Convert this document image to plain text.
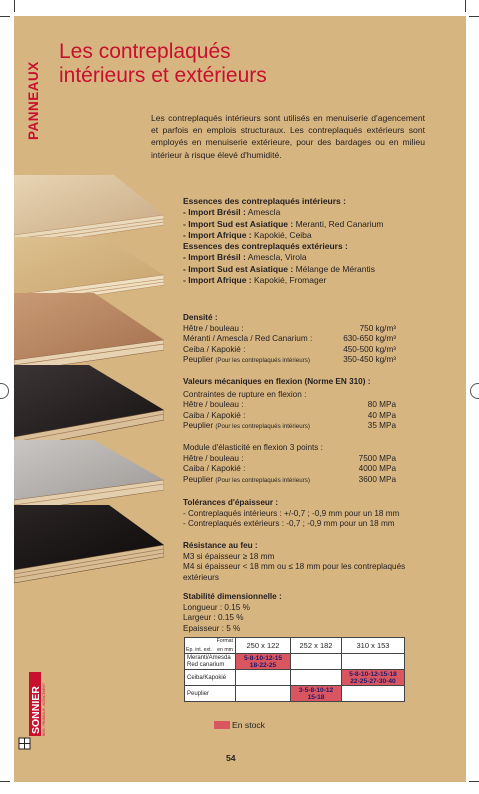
PANNEAUX
Les contreplaqués
intérieurs et extérieurs
Les contreplaqués intérieurs sont utilisés en menuiserie d'agencement et parfois en emplois structuraux. Les contreplaqués extérieurs sont employés en menuiserie extérieure, pour des bardages ou en milieu intérieur à risque élevé d'humidité.
Essences des contreplaqués intérieurs :
- Import Brésil : Amescla
- Import Sud est Asiatique : Meranti, Red Canarium
- Import Afrique : Kapokié, Ceiba
Essences des contreplaqués extérieurs :
- Import Brésil : Amescla, Virola
- Import Sud est Asiatique : Mélange de Mérantis
- Import Afrique : Kapokié, Fromager
Densité :
Hêtre / bouleau :	750 kg/m³
Méranti / Amescla / Red Canarium :	630-650 kg/m³
Ceiba / Kapokié :	450-500 kg/m³
Peuplier (Pour les contreplaqués intérieurs)	350-450 kg/m³
Valeurs mécaniques en flexion (Norme EN 310) :
Contraintes de rupture en flexion :
Hêtre / bouleau :	80 MPa
Caiba / Kapokié :	40 MPa
Peuplier (Pour les contreplaqués intérieurs)	35 MPa
Module d'élasticité en flexion 3 points :
Hêtre / bouleau :	7500 MPa
Caiba / Kapokié :	4000 MPa
Peuplier (Pour les contreplaqués intérieurs)	3600 MPa
Tolérances d'épaisseur :
- Contreplaqués intérieurs : +/-0,7 ; -0,9 mm pour un 18 mm
- Contreplaqués extérieurs : -0,7 ; -0,9 mm pour un 18 mm
Résistance au feu :
M3 si épaisseur ≥ 18 mm
M4 si épaisseur < 18 mm ou ≤ 18 mm pour les contreplaqués extérieurs
Stabilité dimensionnelle :
Longueur : 0.15 %
Largeur : 0.15 %
Epaisseur : 5 %
Format
Ep. int. ext. en mm	250 x 122	252 x 182	310 x 153
Meranti/Amesda Red canarium	5-8-10-12-15
18-22-25		

Ceiba/Kapokié			5-8-10-12-15-18
22-25-27-30-40

Peuplier		3-5-8-10-12
15-18	

En stock
SONNIER BOIS - PANNEAUX - AGENCEMENT
54
